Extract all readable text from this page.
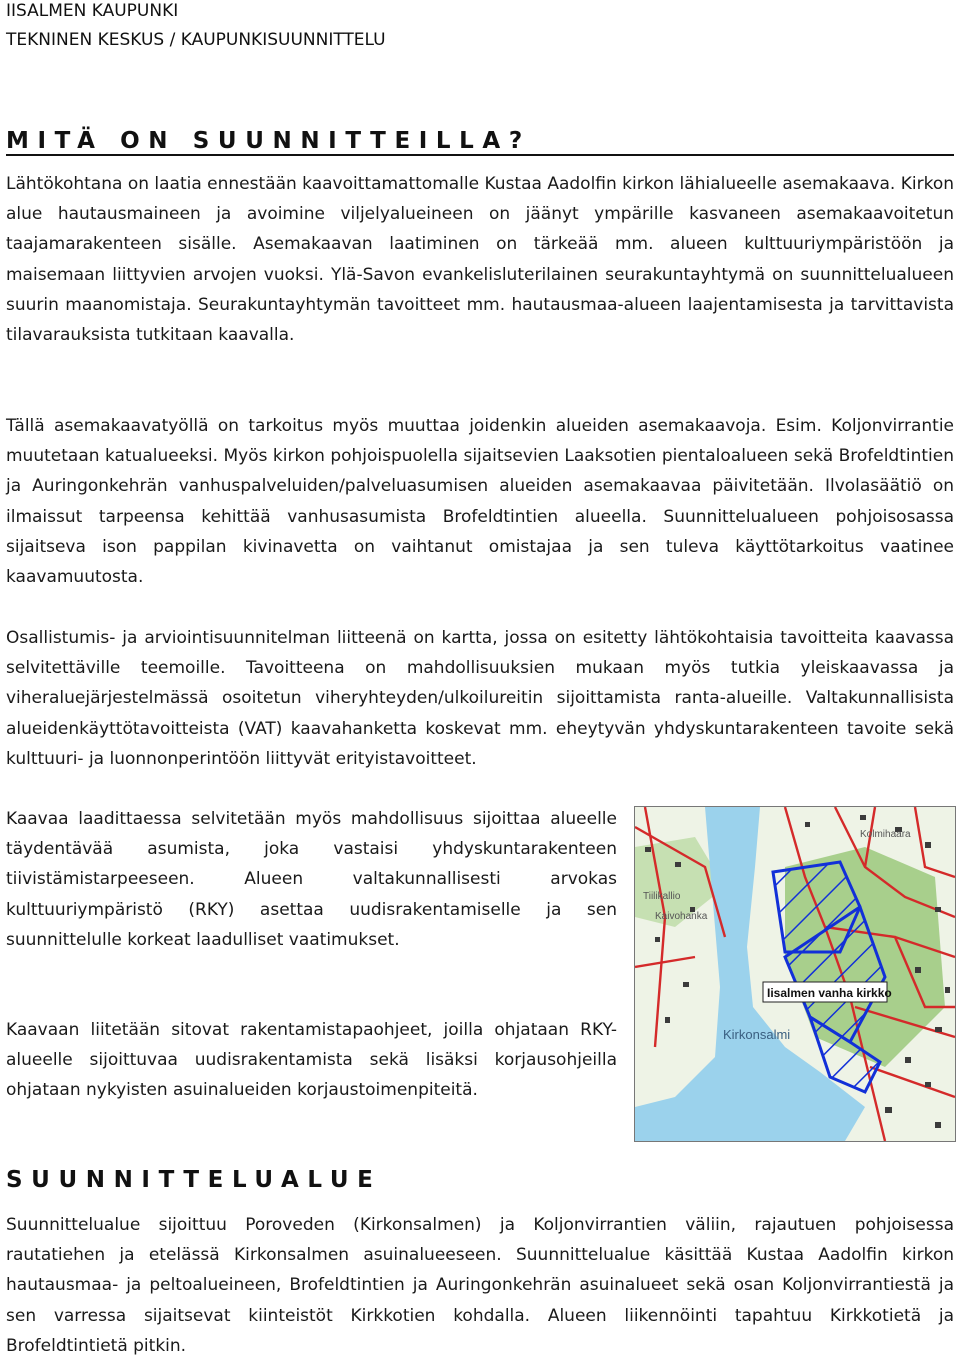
IISALMEN KAUPUNKI
TEKNINEN KESKUS / KAUPUNKISUUNNITTELU
MITÄ ON SUUNNITTEILLA?
Lähtökohtana on laatia ennestään kaavoittamattomalle Kustaa Aadolfin kirkon lähialueelle asemakaava. Kirkon alue hautausmaineen ja avoimine viljelyalueineen on jäänyt ympärille kasvaneen asemakaavoitetun taajamarakenteen sisälle. Asemakaavan laatiminen on tärkeää mm. alueen kulttuuriympäristöön ja maisemaan liittyvien arvojen vuoksi. Ylä-Savon evankelisluterilainen seurakuntayhtymä on suunnittelualueen suurin maanomistaja. Seurakuntayhtymän tavoitteet mm. hautausmaa-alueen laajentamisesta ja tarvittavista tilavarauksista tutkitaan kaavalla.
Tällä asemakaavatyöllä on tarkoitus myös muuttaa joidenkin alueiden asemakaavoja. Esim. Koljonvirrantie muutetaan katualueeksi. Myös kirkon pohjoispuolella sijaitsevien Laaksotien pientaloalueen sekä Brofeldtintien ja Auringonkehrän vanhuspalveluiden/palveluasumisen alueiden asemakaavaa päivitetään. Ilvolasäätiö on ilmaissut tarpeensa kehittää vanhusasumista Brofeldtintien alueella. Suunnittelualueen pohjoisosassa sijaitseva ison pappilan kivinavetta on vaihtanut omistajaa ja sen tuleva käyttötarkoitus vaatinee kaavamuutosta.
Osallistumis- ja arviointisuunnitelman liitteenä on kartta, jossa on esitetty lähtökohtaisia tavoitteita kaavassa selvitettäville teemoille. Tavoitteena on mahdollisuuksien mukaan myös tutkia yleiskaavassa ja viheraluejärjestelmässä osoitetun viheryhteyden/ulkoilureitin sijoittamista ranta-alueille. Valtakunnallisista alueidenkäyttötavoitteista (VAT) kaavahanketta koskevat mm. eheytyvän yhdyskuntarakenteen tavoite sekä kulttuuri- ja luonnonperintöön liittyvät erityistavoitteet.
Kaavaa laadittaessa selvitetään myös mahdollisuus sijoittaa alueelle täydentävää asumista, joka vastaisi yhdyskuntarakenteen tiivistämistarpeeseen. Alueen valtakunnallisesti arvokas kulttuuriympäristö (RKY) asettaa uudisrakentamiselle ja sen suunnittelulle korkeat laadulliset vaatimukset.
Kaavaan liitetään sitovat rakentamistapaohjeet, joilla ohjataan RKY-alueelle sijoittuvaa uudisrakentamista sekä lisäksi korjausohjeilla ohjataan nykyisten asuinalueiden korjaustoimenpiteitä.
Tiilikallio
Kaivohanka
Kolmihaara
Kirkonsalmi
Iisalmen vanha kirkko
SUUNNITTELUALUE
Suunnittelualue sijoittuu Poroveden (Kirkonsalmen) ja Koljonvirrantien väliin, rajautuen pohjoisessa rautatiehen ja etelässä Kirkonsalmen asuinalueeseen. Suunnittelualue käsittää Kustaa Aadolfin kirkon hautausmaa- ja peltoalueineen, Brofeldtintien ja Auringonkehrän asuinalueet sekä osan Koljonvirrantiestä ja sen varressa sijaitsevat kiinteistöt Kirkkotien kohdalla. Alueen liikennöinti tapahtuu Kirkkotietä ja Brofeldtintietä pitkin.
